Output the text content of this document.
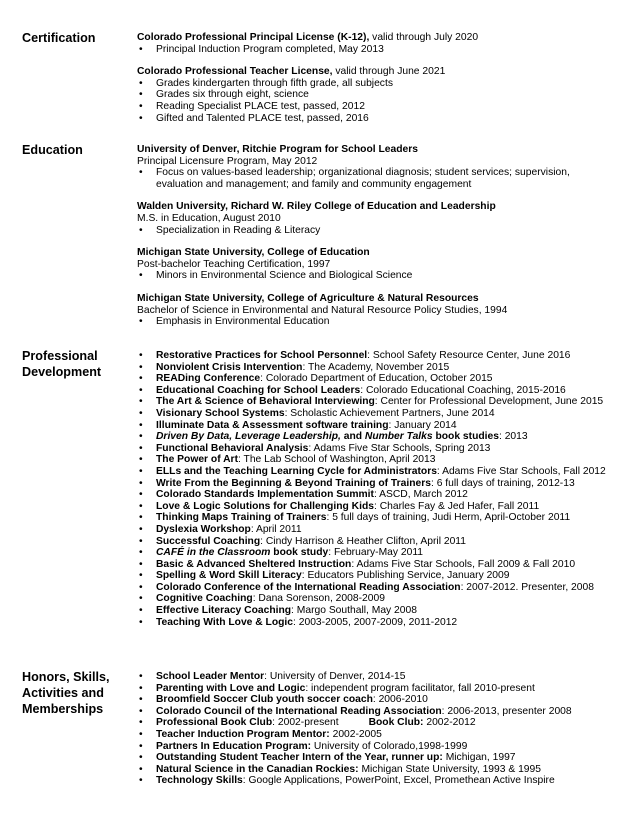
Certification	Colorado Professional Principal License (K-12), valid through July 2020
• Principal Induction Program completed, May 2013
Colorado Professional Teacher License, valid through June 2021
• Grades kindergarten through fifth grade, all subjects
• Grades six through eight, science
• Reading Specialist PLACE test, passed, 2012
• Gifted and Talented PLACE test, passed, 2016
Education	University of Denver, Ritchie Program for School Leaders
Principal Licensure Program, May 2012
• Focus on values-based leadership; organizational diagnosis; student services; supervision, evaluation and management; and family and community engagement
Walden University, Richard W. Riley College of Education and Leadership
M.S. in Education, August 2010
• Specialization in Reading & Literacy
Michigan State University, College of Education
Post-bachelor Teaching Certification, 1997
• Minors in Environmental Science and Biological Science
Michigan State University, College of Agriculture & Natural Resources
Bachelor of Science in Environmental and Natural Resource Policy Studies, 1994
• Emphasis in Environmental Education
Professional
Development
• Restorative Practices for School Personnel: School Safety Resource Center, June 2016
• Nonviolent Crisis Intervention: The Academy, November 2015
• READing Conference: Colorado Department of Education, October 2015
• Educational Coaching for School Leaders: Colorado Educational Coaching, 2015-2016
• The Art & Science of Behavioral Interviewing: Center for Professional Development, June 2015
• Visionary School Systems: Scholastic Achievement Partners, June 2014
• Illuminate Data & Assessment software training: January 2014
• Driven By Data, Leverage Leadership, and Number Talks book studies: 2013
• Functional Behavioral Analysis: Adams Five Star Schools, Spring 2013
• The Power of Art: The Lab School of Washington, April 2013
• ELLs and the Teaching Learning Cycle for Administrators: Adams Five Star Schools, Fall 2012
• Write From the Beginning & Beyond Training of Trainers: 6 full days of training, 2012-13
• Colorado Standards Implementation Summit: ASCD, March 2012
• Love & Logic Solutions for Challenging Kids: Charles Fay & Jed Hafer, Fall 2011
• Thinking Maps Training of Trainers: 5 full days of training, Judi Herm, April-October 2011
• Dyslexia Workshop: April 2011
• Successful Coaching: Cindy Harrison & Heather Clifton, April 2011
• CAFÉ in the Classroom book study: February-May 2011
• Basic & Advanced Sheltered Instruction: Adams Five Star Schools, Fall 2009 & Fall 2010
• Spelling & Word Skill Literacy: Educators Publishing Service, January 2009
• Colorado Conference of the International Reading Association: 2007-2012. Presenter, 2008
• Cognitive Coaching: Dana Sorenson, 2008-2009
• Effective Literacy Coaching: Margo Southall, May 2008
• Teaching With Love & Logic: 2003-2005, 2007-2009, 2011-2012
Honors, Skills,
Activities and
Memberships
• School Leader Mentor: University of Denver, 2014-15
• Parenting with Love and Logic: independent program facilitator, fall 2010-present
• Broomfield Soccer Club youth soccer coach: 2006-2010
• Colorado Council of the International Reading Association: 2006-2013, presenter 2008
• Professional Book Club: 2002-present	Book Club: 2002-2012
• Teacher Induction Program Mentor: 2002-2005
• Partners In Education Program: University of Colorado,1998-1999
• Outstanding Student Teacher Intern of the Year, runner up: Michigan, 1997
• Natural Science in the Canadian Rockies: Michigan State University, 1993 & 1995
• Technology Skills: Google Applications, PowerPoint, Excel, Promethean Active Inspire
